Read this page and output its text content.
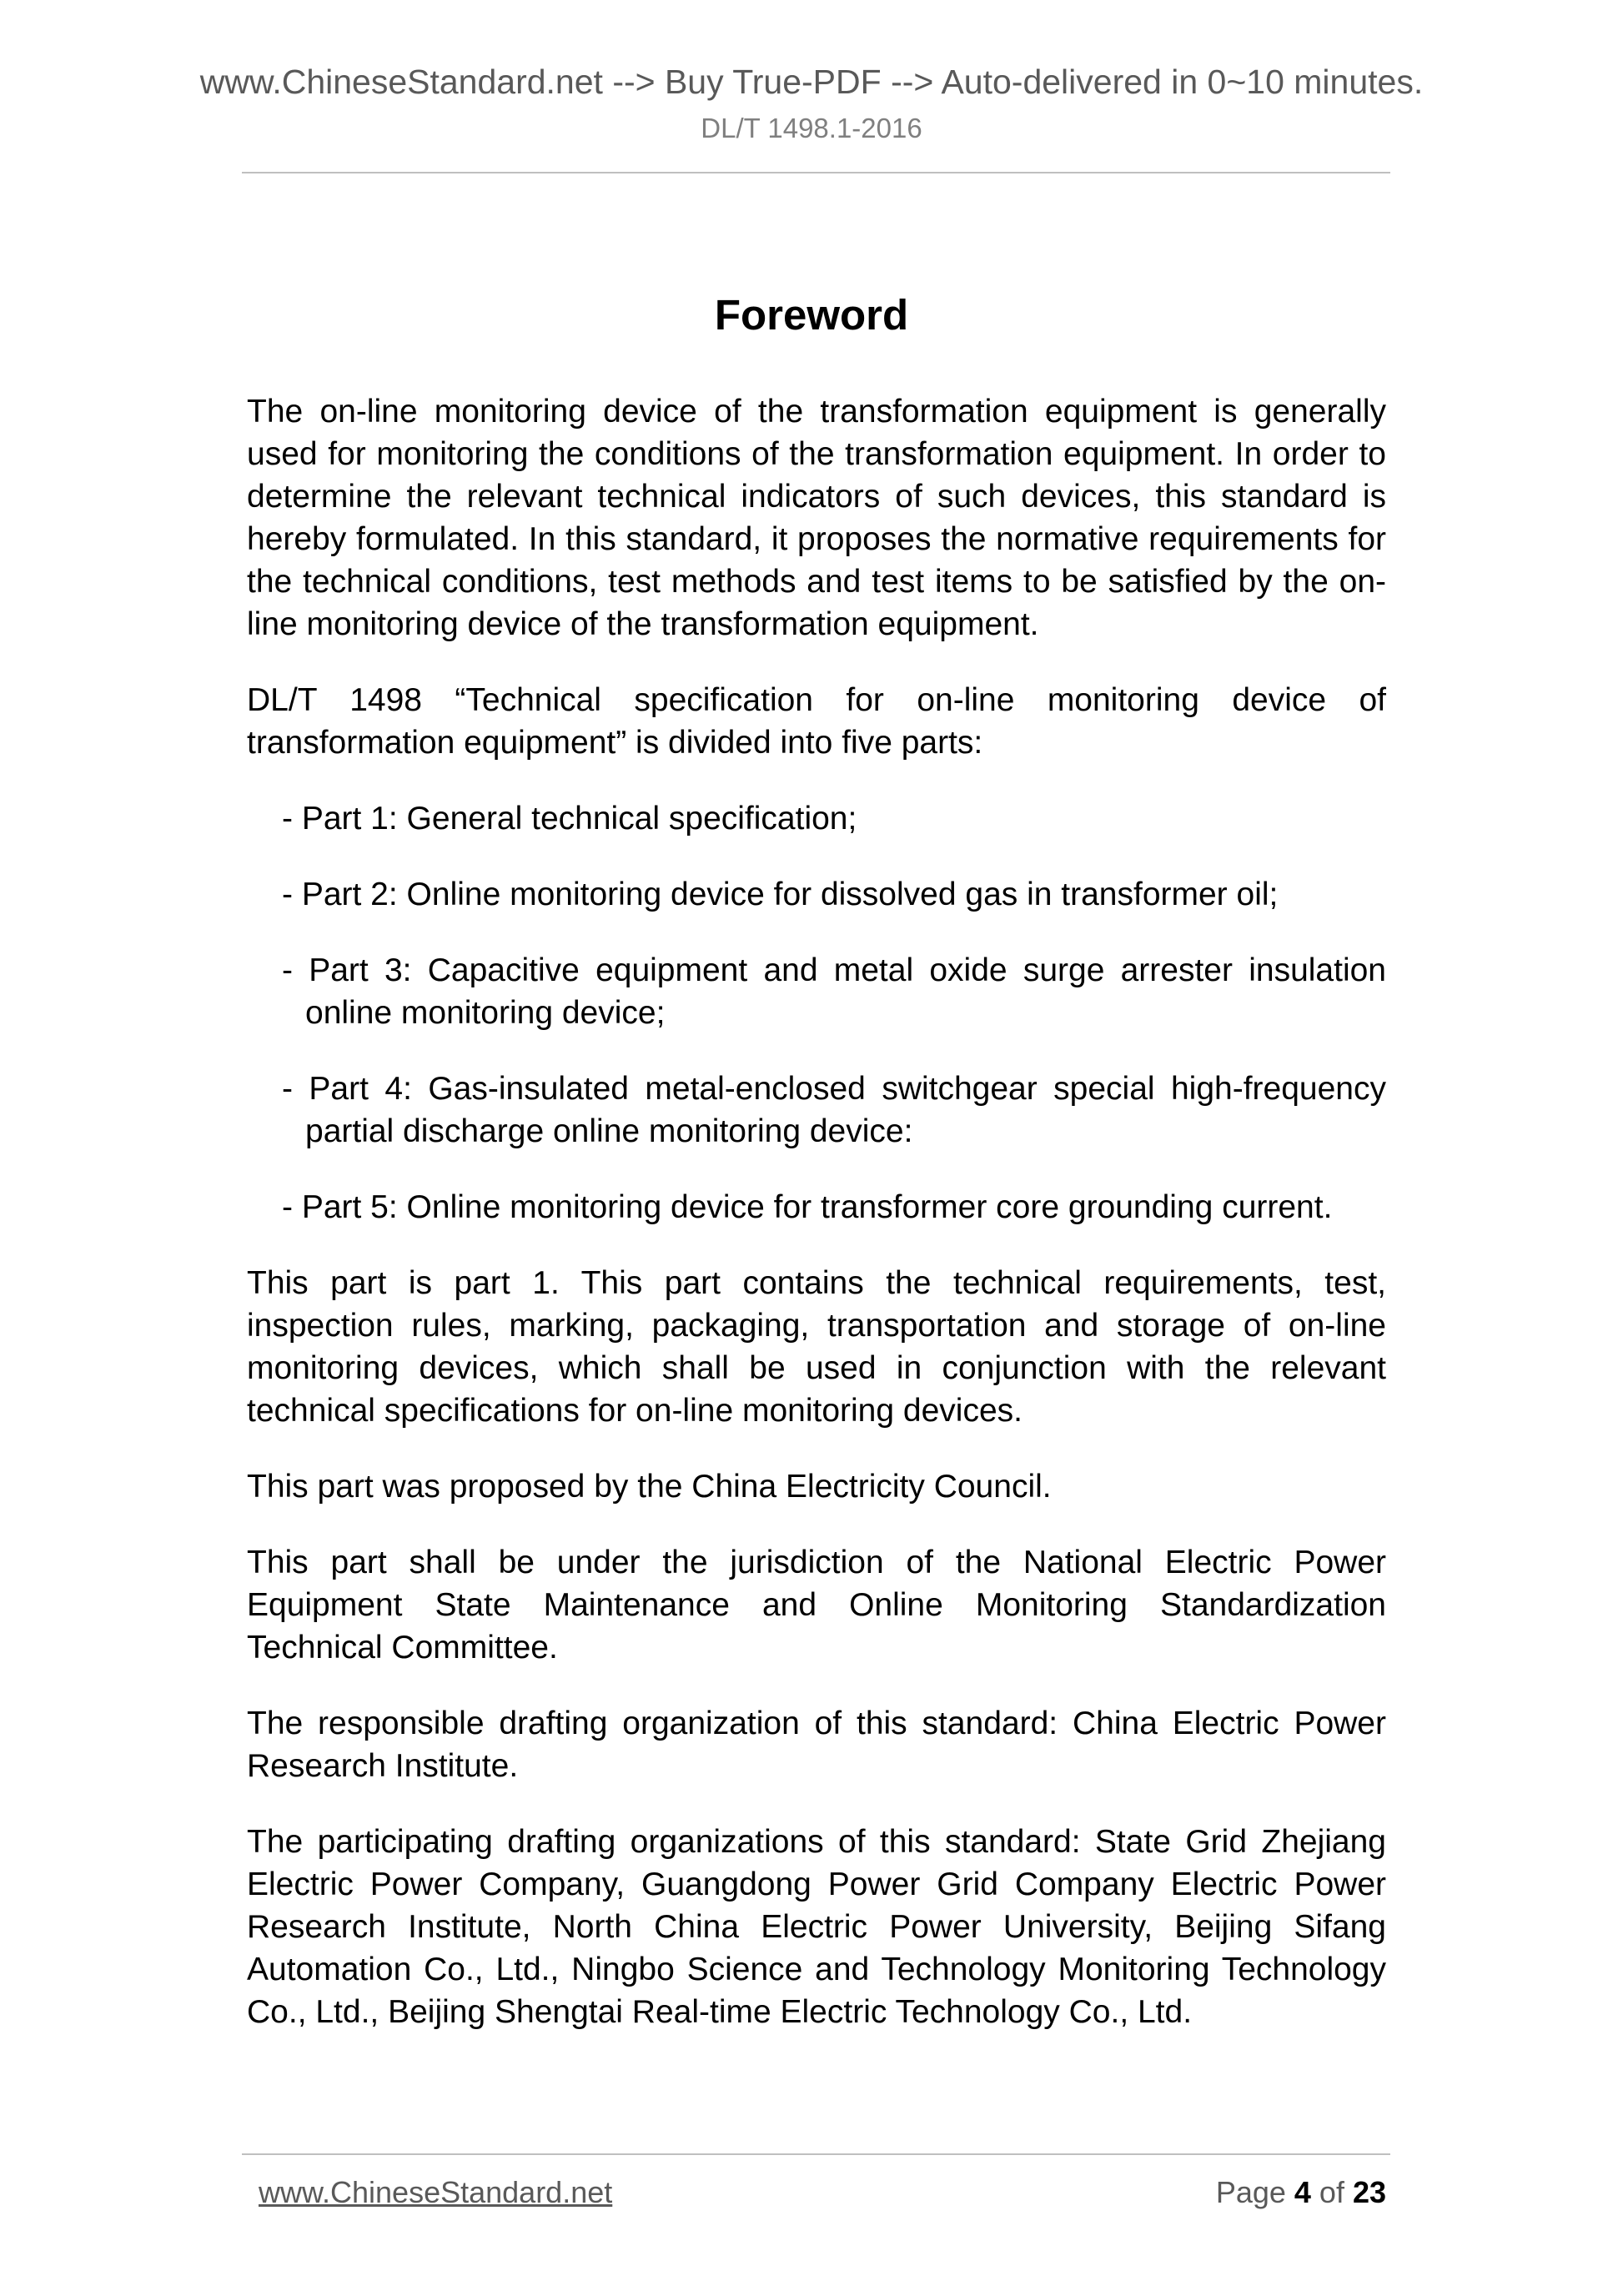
www.ChineseStandard.net --> Buy True-PDF --> Auto-delivered in 0~10 minutes.
DL/T 1498.1-2016
Foreword

The on-line monitoring device of the transformation equipment is generally used for monitoring the conditions of the transformation equipment. In order to determine the relevant technical indicators of such devices, this standard is hereby formulated. In this standard, it proposes the normative requirements for the technical conditions, test methods and test items to be satisfied by the on-line monitoring device of the transformation equipment.

DL/T 1498 “Technical specification for on-line monitoring device of transformation equipment” is divided into five parts:

- Part 1: General technical specification;
- Part 2: Online monitoring device for dissolved gas in transformer oil;
- Part 3: Capacitive equipment and metal oxide surge arrester insulation online monitoring device;
- Part 4: Gas-insulated metal-enclosed switchgear special high-frequency partial discharge online monitoring device:
- Part 5: Online monitoring device for transformer core grounding current.

This part is part 1. This part contains the technical requirements, test, inspection rules, marking, packaging, transportation and storage of on-line monitoring devices, which shall be used in conjunction with the relevant technical specifications for on-line monitoring devices.

This part was proposed by the China Electricity Council.

This part shall be under the jurisdiction of the National Electric Power Equipment State Maintenance and Online Monitoring Standardization Technical Committee.

The responsible drafting organization of this standard: China Electric Power Research Institute.

The participating drafting organizations of this standard: State Grid Zhejiang Electric Power Company, Guangdong Power Grid Company Electric Power Research Institute, North China Electric Power University, Beijing Sifang Automation Co., Ltd., Ningbo Science and Technology Monitoring Technology Co., Ltd., Beijing Shengtai Real-time Electric Technology Co., Ltd.

www.ChineseStandard.net	Page 4 of 23
